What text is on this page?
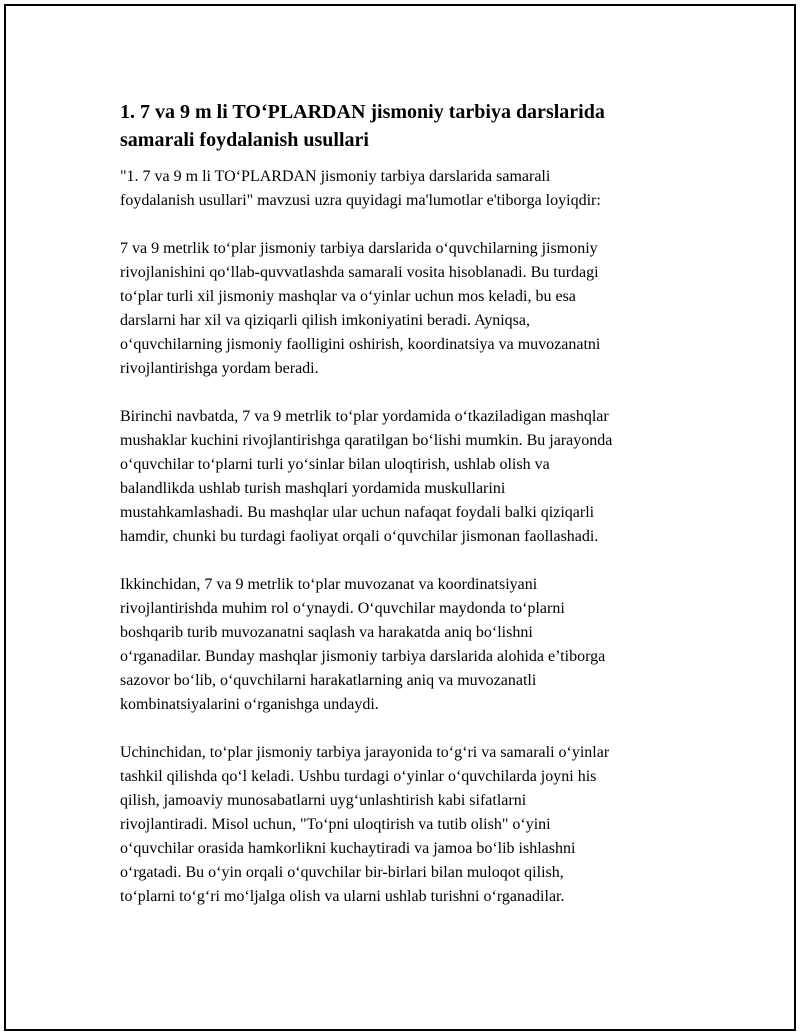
1. 7 va 9 m li TO‘PLARDAN jismoniy tarbiya darslarida
samarali foydalanish usullari

"1. 7 va 9 m li TO‘PLARDAN jismoniy tarbiya darslarida samarali
foydalanish usullari" mavzusi uzra quyidagi ma'lumotlar e'tiborga loyiqdir:

7 va 9 metrlik to‘plar jismoniy tarbiya darslarida o‘quvchilarning jismoniy
rivojlanishini qo‘llab-quvvatlashda samarali vosita hisoblanadi. Bu turdagi
to‘plar turli xil jismoniy mashqlar va o‘yinlar uchun mos keladi, bu esa
darslarni har xil va qiziqarli qilish imkoniyatini beradi. Ayniqsa,
o‘quvchilarning jismoniy faolligini oshirish, koordinatsiya va muvozanatni
rivojlantirishga yordam beradi.

Birinchi navbatda, 7 va 9 metrlik to‘plar yordamida o‘tkaziladigan mashqlar
mushaklar kuchini rivojlantirishga qaratilgan bo‘lishi mumkin. Bu jarayonda
o‘quvchilar to‘plarni turli yo‘sinlar bilan uloqtirish, ushlab olish va
balandlikda ushlab turish mashqlari yordamida muskullarini
mustahkamlashadi. Bu mashqlar ular uchun nafaqat foydali balki qiziqarli
hamdir, chunki bu turdagi faoliyat orqali o‘quvchilar jismonan faollashadi.

Ikkinchidan, 7 va 9 metrlik to‘plar muvozanat va koordinatsiyani
rivojlantirishda muhim rol o‘ynaydi. O‘quvchilar maydonda to‘plarni
boshqarib turib muvozanatni saqlash va harakatda aniq bo‘lishni
o‘rganadilar. Bunday mashqlar jismoniy tarbiya darslarida alohida e’tiborga
sazovor bo‘lib, o‘quvchilarni harakatlarning aniq va muvozanatli
kombinatsiyalarini o‘rganishga undaydi.

Uchinchidan, to‘plar jismoniy tarbiya jarayonida to‘g‘ri va samarali o‘yinlar
tashkil qilishda qo‘l keladi. Ushbu turdagi o‘yinlar o‘quvchilarda joyni his
qilish, jamoaviy munosabatlarni uyg‘unlashtirish kabi sifatlarni
rivojlantiradi. Misol uchun, "To‘pni uloqtirish va tutib olish" o‘yini
o‘quvchilar orasida hamkorlikni kuchaytiradi va jamoa bo‘lib ishlashni
o‘rgatadi. Bu o‘yin orqali o‘quvchilar bir-birlari bilan muloqot qilish,
to‘plarni to‘g‘ri mo‘ljalga olish va ularni ushlab turishni o‘rganadilar.
